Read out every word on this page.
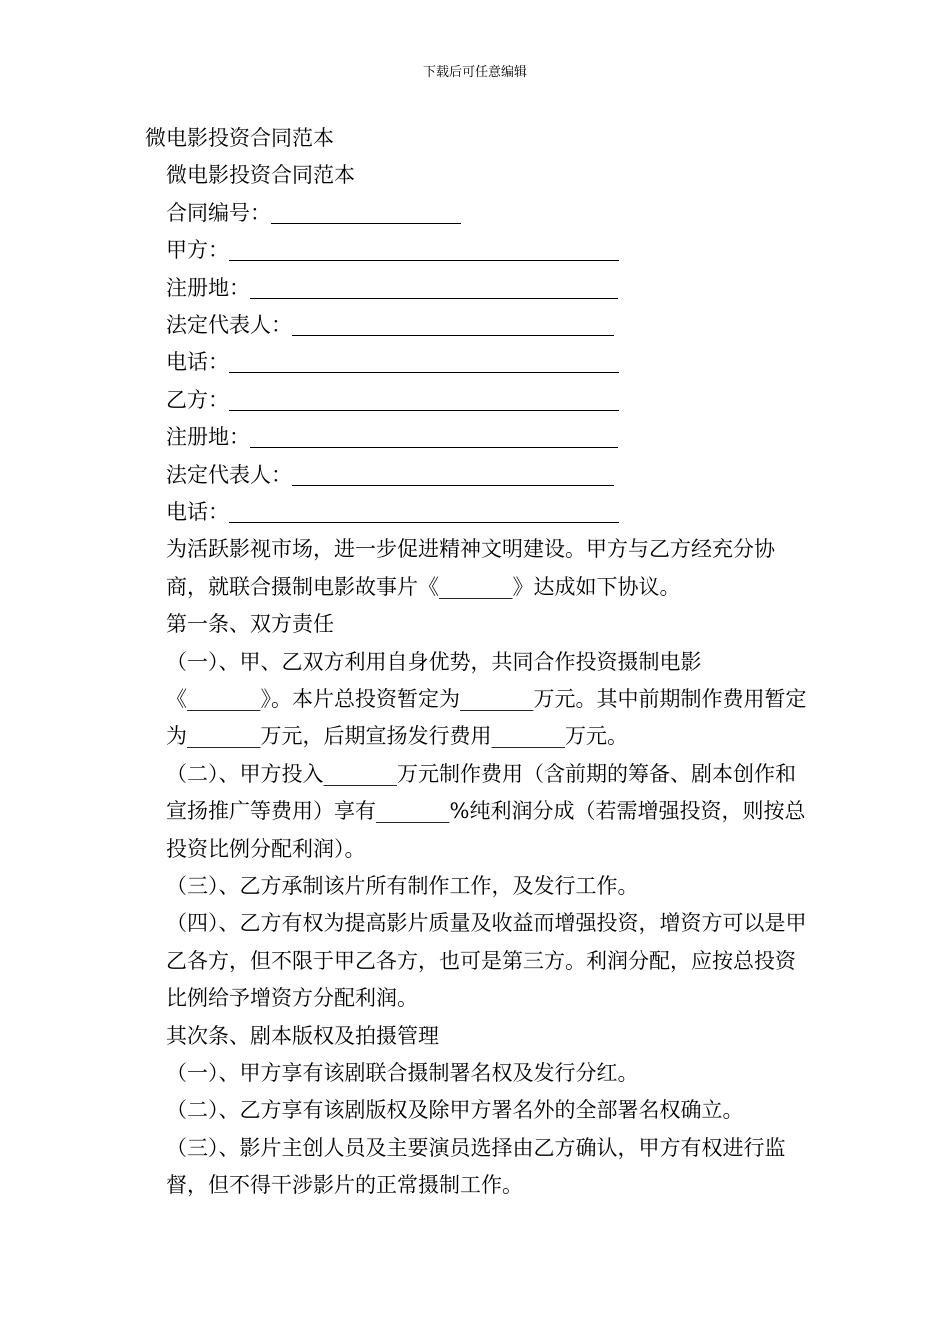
下载后可任意编辑

微电影投资合同范本

微电影投资合同范本

合同编号：
甲方：
注册地：
法定代表人：
电话：
乙方：
注册地：
法定代表人：
电话：

为活跃影视市场，进一步促进精神文明建设。甲方与乙方经充分协商，就联合摄制电影故事片《_______》达成如下协议。

第一条、双方责任

（一）、甲、乙双方利用自身优势，共同合作投资摄制电影《_______》。本片总投资暂定为_______万元。其中前期制作费用暂定为_______万元，后期宣扬发行费用_______万元。

（二）、甲方投入_______万元制作费用（含前期的筹备、剧本创作和宣扬推广等费用）享有_______%纯利润分成（若需增强投资，则按总投资比例分配利润）。

（三）、乙方承制该片所有制作工作，及发行工作。

（四）、乙方有权为提高影片质量及收益而增强投资，增资方可以是甲乙各方，但不限于甲乙各方，也可是第三方。利润分配，应按总投资比例给予增资方分配利润。

其次条、剧本版权及拍摄管理

（一）、甲方享有该剧联合摄制署名权及发行分红。

（二）、乙方享有该剧版权及除甲方署名外的全部署名权确立。

（三）、影片主创人员及主要演员选择由乙方确认，甲方有权进行监督，但不得干涉影片的正常摄制工作。
